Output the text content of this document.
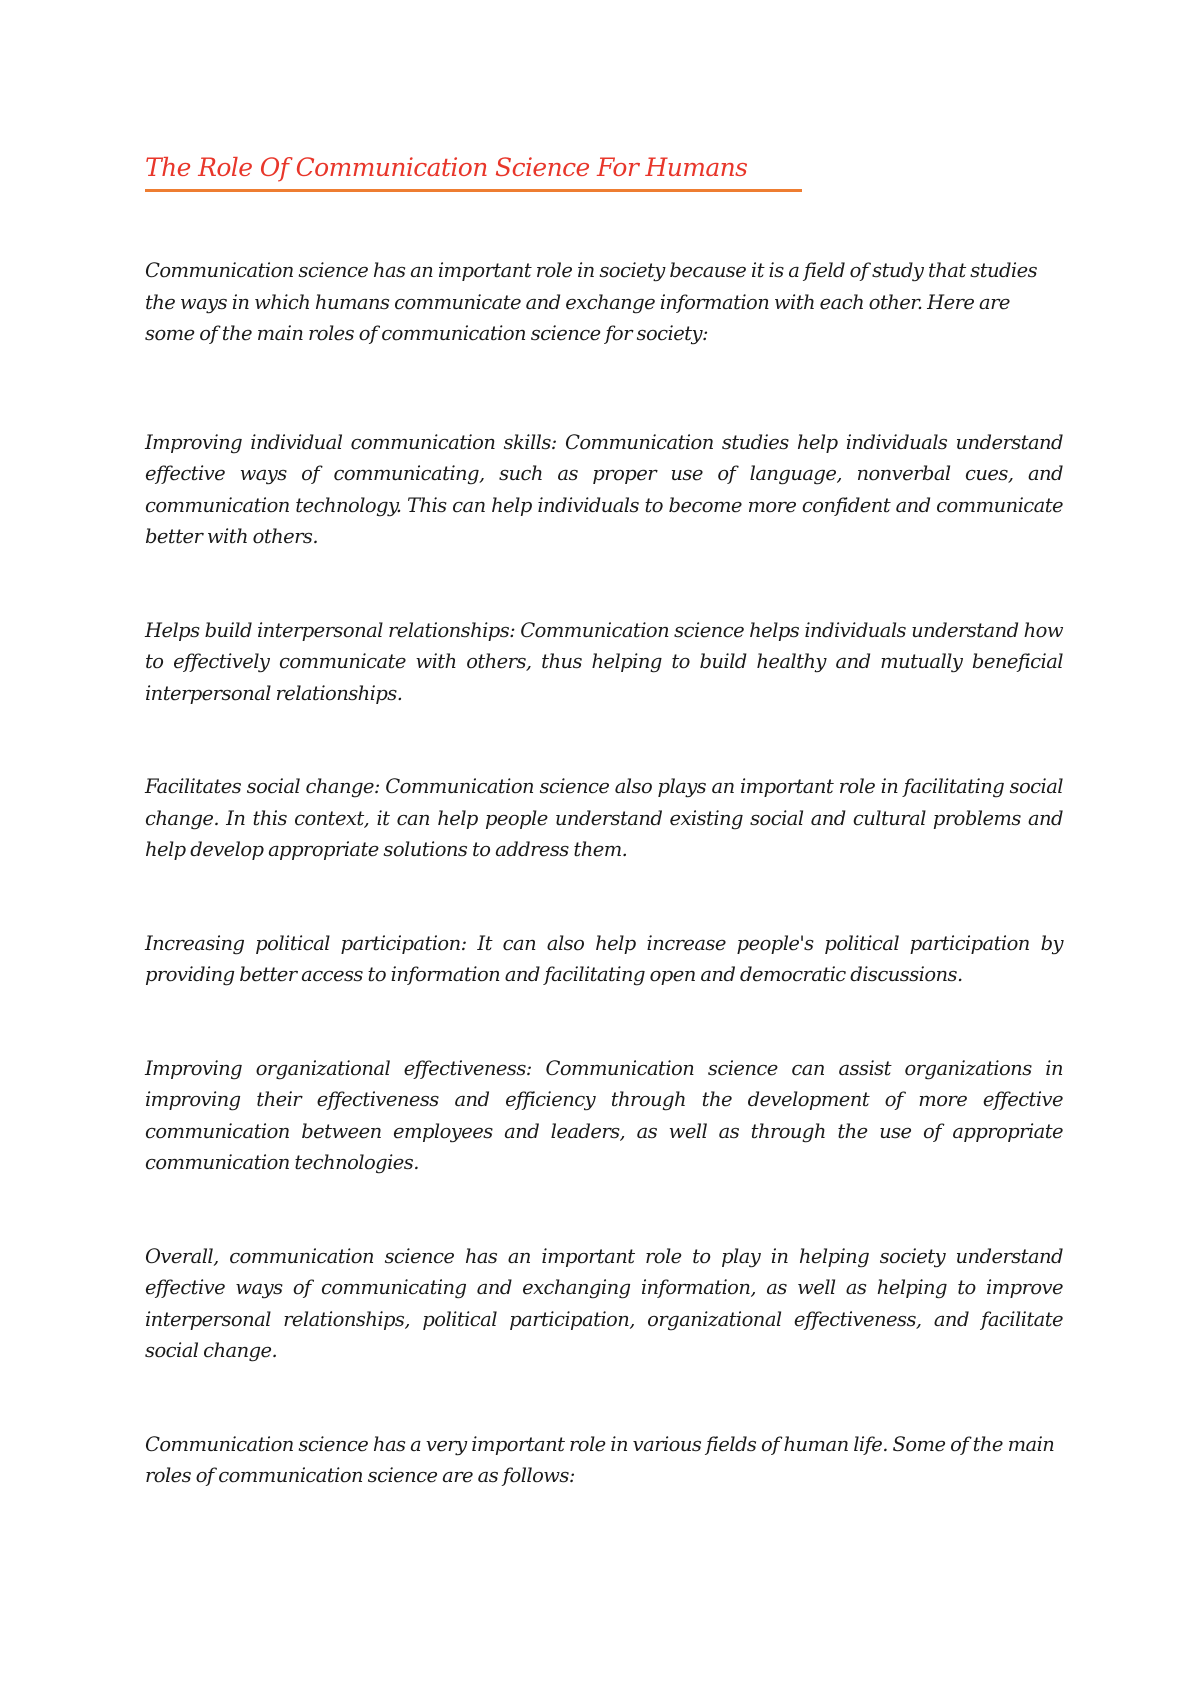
The Role Of Communication Science For Humans

Communication science has an important role in society because it is a field of study that studies the ways in which humans communicate and exchange information with each other. Here are some of the main roles of communication science for society:

Improving individual communication skills: Communication studies help individuals understand effective ways of communicating, such as proper use of language, nonverbal cues, and communication technology. This can help individuals to become more confident and communicate better with others.

Helps build interpersonal relationships: Communication science helps individuals understand how to effectively communicate with others, thus helping to build healthy and mutually beneficial interpersonal relationships.

Facilitates social change: Communication science also plays an important role in facilitating social change. In this context, it can help people understand existing social and cultural problems and help develop appropriate solutions to address them.

Increasing political participation: It can also help increase people's political participation by providing better access to information and facilitating open and democratic discussions.

Improving organizational effectiveness: Communication science can assist organizations in improving their effectiveness and efficiency through the development of more effective communication between employees and leaders, as well as through the use of appropriate communication technologies.

Overall, communication science has an important role to play in helping society understand effective ways of communicating and exchanging information, as well as helping to improve interpersonal relationships, political participation, organizational effectiveness, and facilitate social change.

Communication science has a very important role in various fields of human life. Some of the main roles of communication science are as follows:
